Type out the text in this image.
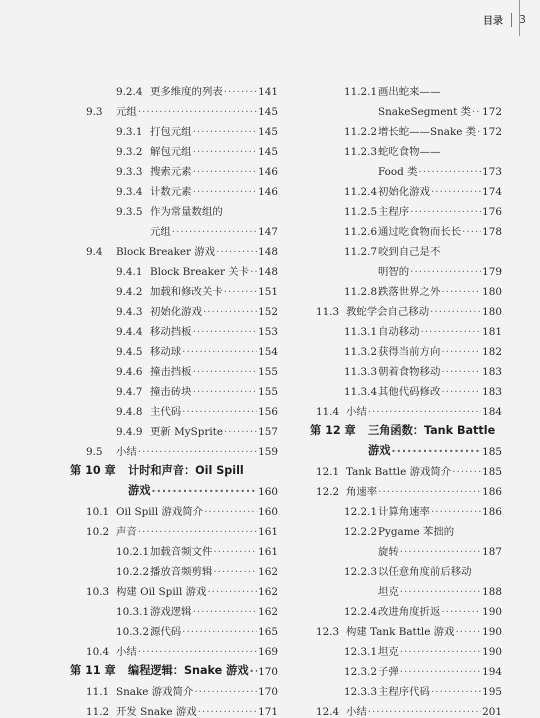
目录 3
9.2.4 更多维度的列表 ·····	141
9.3	元组 ·····	145
9.3.1 打包元组 ·····	145
9.3.2 解包元组 ·····	145
9.3.3 搜索元素 ·····	146
9.3.4 计数元素 ·····	146
9.3.5 作为常量数组的
元组 ·····	147
9.4	Block Breaker 游戏 ·····	148
9.4.1 Block Breaker 关卡 ····· 148
9.4.2 加载和修改关卡 ·····	151
9.4.3 初始化游戏 ·····	152
9.4.4 移动挡板 ·····	153
9.4.5 移动球 ·····	154
9.4.6 撞击挡板 ·····	155
9.4.7 撞击砖块 ·····	155
9.4.8 主代码 ·····	156
9.4.9 更新 MySprite ·····	157
9.5	小结 ·····	159
第 10 章	计时和声音：Oil Spill
游戏 ·····	160
10.1 Oil Spill 游戏简介 ·····	160
10.2 声音 ·····	161
10.2.1 加载音频文件 ·····	161
10.2.2 播放音频剪辑 ·····	162
10.3 构建 Oil Spill 游戏 ·····	162
10.3.1 游戏逻辑 ·····	162
10.3.2 源代码 ·····	165
10.4 小结 ·····	169
第 11 章	编程逻辑：Snake 游戏 ····· 170
11.1 Snake 游戏简介 ·····	170
11.2 开发 Snake 游戏 ·····	171
11.2.1 画出蛇来——
SnakeSegment 类 ····· 172
11.2.2 增长蛇——Snake 类 ····· 172
11.2.3 蛇吃食物——
Food 类 ·····	173
11.2.4 初始化游戏 ·····	174
11.2.5 主程序 ·····	176
11.2.6 通过吃食物而长长 ····· 178
11.2.7 咬到自己是不
明智的 ·····	179
11.2.8 跌落世界之外 ·····	180
11.3 教蛇学会自己移动 ·····	180
11.3.1 自动移动 ·····	181
11.3.2 获得当前方向 ·····	182
11.3.3 朝着食物移动 ·····	183
11.3.4 其他代码修改 ·····	183
11.4 小结 ·····	184
第 12 章	三角函数：Tank Battle
游戏 ·····	185
12.1 Tank Battle 游戏简介 ·····	185
12.2 角速率 ·····	186
12.2.1 计算角速率 ·····	186
12.2.2 Pygame 苯拙的
旋转 ·····	187
12.2.3 以任意角度前后移动
坦克 ·····	188
12.2.4 改进角度折返 ·····	190
12.3 构建 Tank Battle 游戏 ·····	190
12.3.1 坦克 ·····	190
12.3.2 子弹 ·····	194
12.3.3 主程序代码 ·····	195
12.4 小结 ·····	201
